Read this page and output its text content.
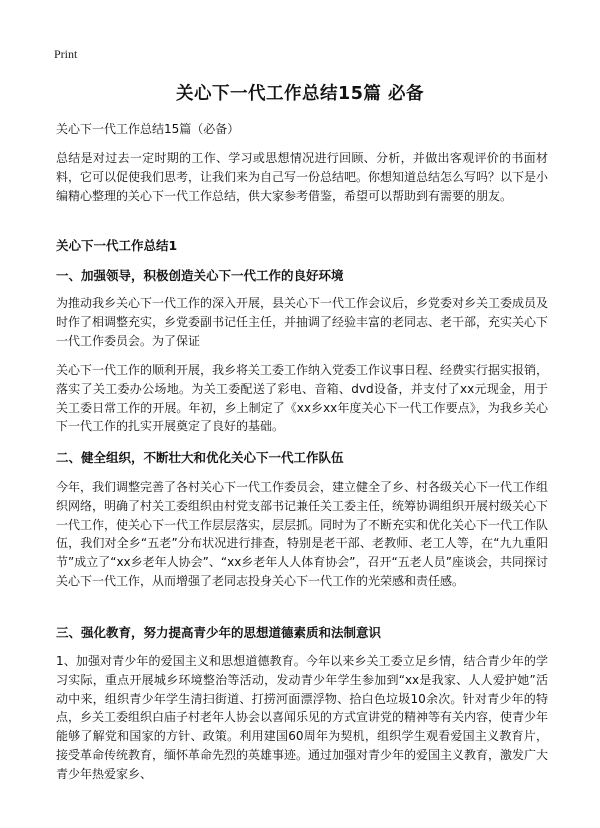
Print
关心下一代工作总结15篇 必备

关心下一代工作总结15篇（必备）

总结是对过去一定时期的工作、学习或思想情况进行回顾、分析，并做出客观评价的书面材料，它可以促使我们思考，让我们来为自己写一份总结吧。你想知道总结怎么写吗？以下是小编精心整理的关心下一代工作总结，供大家参考借鉴，希望可以帮助到有需要的朋友。

关心下一代工作总结1
一、加强领导，积极创造关心下一代工作的良好环境

为推动我乡关心下一代工作的深入开展，县关心下一代工作会议后，乡党委对乡关工委成员及时作了相调整充实，乡党委副书记任主任，并抽调了经验丰富的老同志、老干部，充实关心下一代工作委员会。为了保证

关心下一代工作的顺利开展，我乡将关工委工作纳入党委工作议事日程、经费实行据实报销，落实了关工委办公场地。为关工委配送了彩电、音箱、dvd设备，并支付了xx元现金，用于关工委日常工作的开展。年初，乡上制定了《xx乡xx年度关心下一代工作要点》，为我乡关心下一代工作的扎实开展奠定了良好的基础。

二、健全组织，不断壮大和优化关心下一代工作队伍

今年，我们调整完善了各村关心下一代工作委员会，建立健全了乡、村各级关心下一代工作组织网络，明确了村关工委组织由村党支部书记兼任关工委主任，统筹协调组织开展村级关心下一代工作，使关心下一代工作层层落实，层层抓。同时为了不断充实和优化关心下一代工作队伍，我们对全乡“五老”分布状况进行排查，特别是老干部、老教师、老工人等，在“九九重阳节”成立了“xx乡老年人协会”、“xx乡老年人人体育协会”，召开“五老人员”座谈会，共同探讨关心下一代工作，从而增强了老同志投身关心下一代工作的光荣感和责任感。

三、强化教育，努力提高青少年的思想道德素质和法制意识

1、加强对青少年的爱国主义和思想道德教育。今年以来乡关工委立足乡情，结合青少年的学习实际，重点开展城乡环境整治等活动，发动青少年学生参加到“xx是我家、人人爱护她”活动中来，组织青少年学生清扫街道、打捞河面漂浮物、拾白色垃圾10余次。针对青少年的特点，乡关工委组织白庙子村老年人协会以喜闻乐见的方式宣讲党的精神等有关内容，使青少年能够了解党和国家的方针、政策。利用建国60周年为契机，组织学生观看爱国主义教育片，接受革命传统教育，缅怀革命先烈的英雄事迹。通过加强对青少年的爱国主义教育，激发广大青少年热爱家乡、
